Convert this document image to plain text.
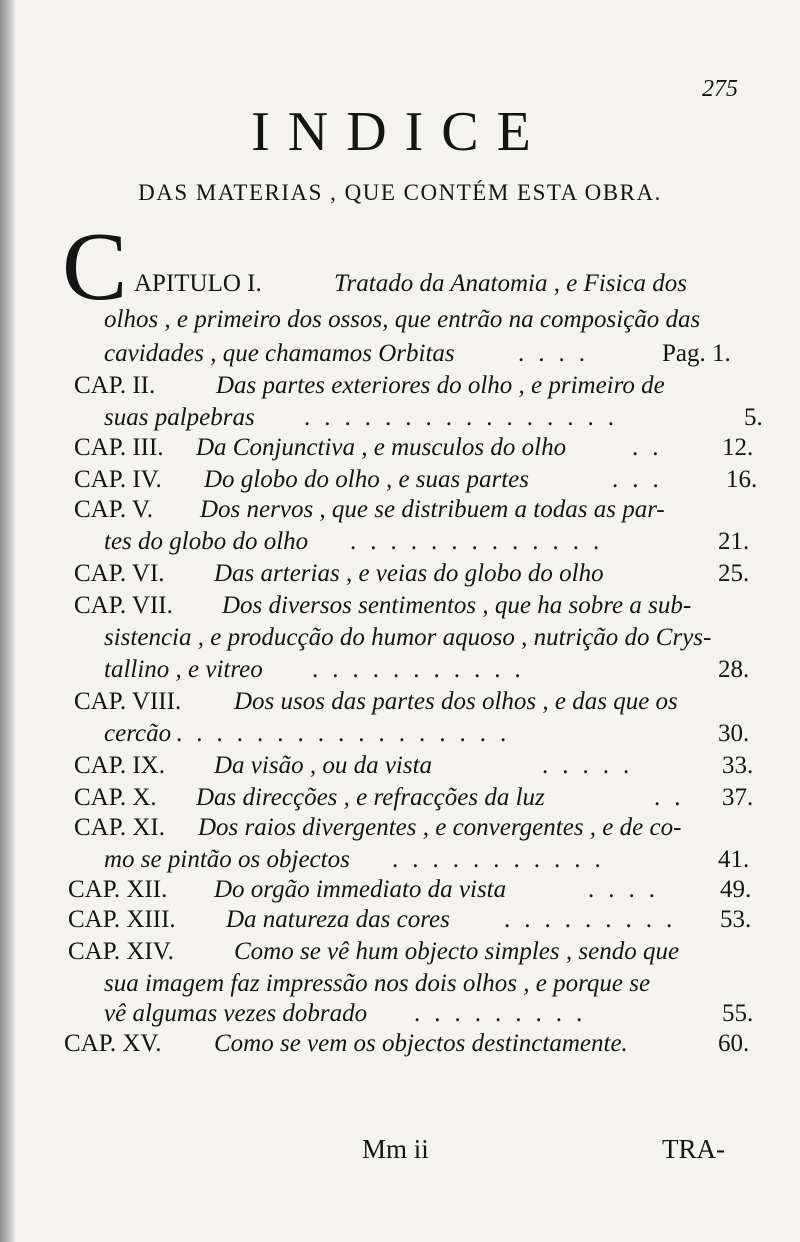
275
INDICE
DAS MATERIAS , QUE CONTÉM ESTA OBRA.
C APITULO I.	Tratado da Anatomia , e Fisica dos
olhos , e primeiro dos ossos, que entrão na composição das
cavidades , que chamamos Orbitas	....	Pag. 1.
CAP. II. Das partes exteriores do olho , e primeiro de
suas palpebras ................	5.
CAP. III. Da Conjunctiva , e musculos do olho	.. 12.
CAP. IV. Do globo do olho , e suas partes	... 16.
CAP. V. Dos nervos , que se distribuem a todas as par-
tes do globo do olho .............	21.
CAP. VI. Das arterias , e veias do globo do olho	25.
CAP. VII. Dos diversos sentimentos , que ha sobre a sub-
sistencia , e producção do humor aquoso , nutrição do Crys-
tallino , e vitreo ...........	28.
CAP. VIII. Dos usos das partes dos olhos , e das que os
cercão .................	30.
CAP. IX. Da visão , ou da vista	.....	33.
CAP. X. Das direcções , e refracções da luz	.. 37.
CAP. XI. Dos raios divergentes , e convergentes , e de co-
mo se pintão os objectos ...........	41.
CAP. XII. Do orgão immediato da vista	.... 49.
CAP. XIII. Da natureza das cores ......... 53.
CAP. XIV. Como se vê hum objecto simples , sendo que
sua imagem faz impressão nos dois olhos , e porque se
vê algumas vezes dobrado .........	55.
CAP. XV. Como se vem os objectos destinctamente.	60.
Mm ii	TRA-
